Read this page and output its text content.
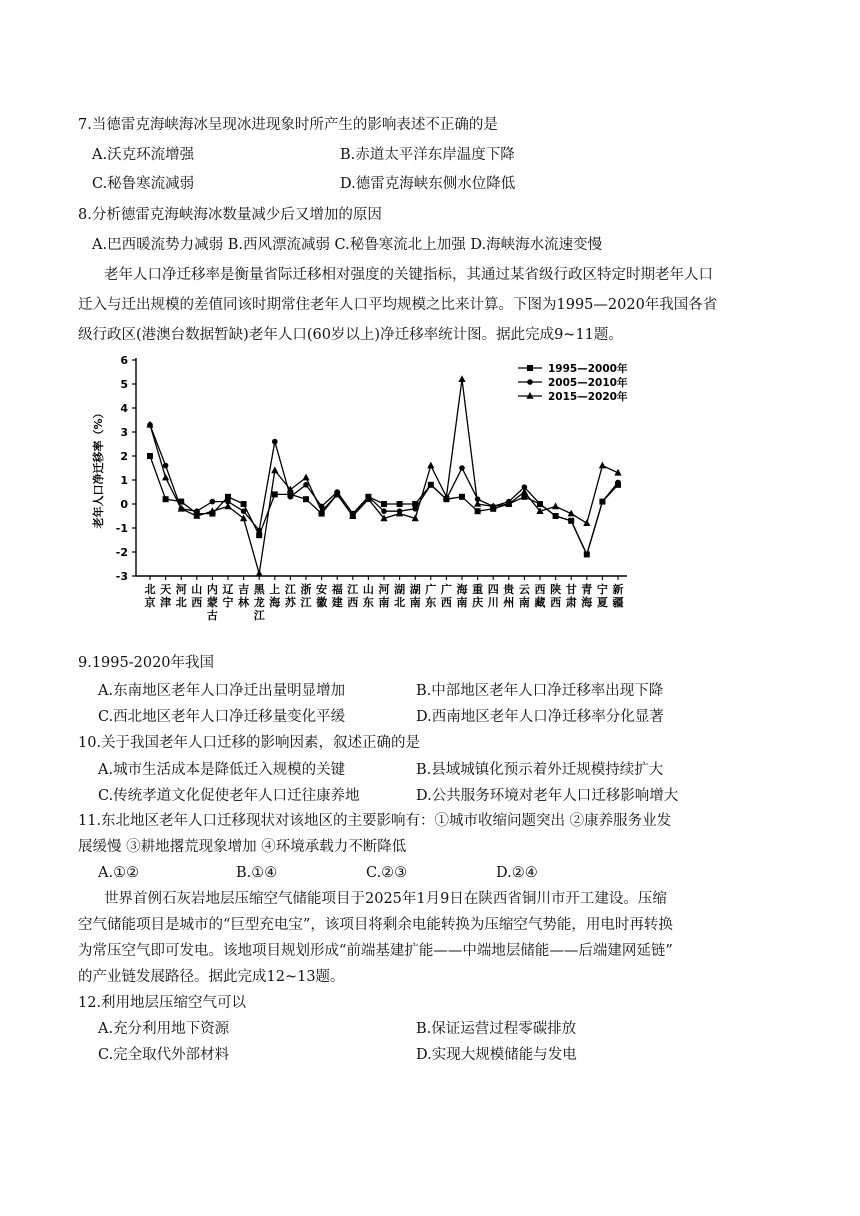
7.当德雷克海峡海冰呈现冰进现象时所产生的影响表述不正确的是
A.沃克环流增强	B.赤道太平洋东岸温度下降
C.秘鲁寒流减弱	D.德雷克海峡东侧水位降低
8.分析德雷克海峡海冰数量减少后又增加的原因
A.巴西暖流势力减弱 B.西风漂流减弱 C.秘鲁寒流北上加强 D.海峡海水流速变慢
老年人口净迁移率是衡量省际迁移相对强度的关键指标，其通过某省级行政区特定时期老年人口
迁入与迁出规模的差值同该时期常住老年人口平均规模之比来计算。下图为1995—2020年我国各省
级行政区(港澳台数据暂缺)老年人口(60岁以上)净迁移率统计图。据此完成9~11题。
6
5
4
3
2
1
0
-1
-2
-3
老年人口净迁移率（%）
北京
天津
河北
山西
内蒙古
辽宁
吉林
黑龙江
上海
江苏
浙江
安徽
福建
江西
山东
河南
湖北
湖南
广东
广西
海南
重庆
四川
贵州
云南
西藏
陕西
甘肃
青海
宁夏
新疆
1995—2000年
2005—2010年
2015—2020年
9.1995-2020年我国
A.东南地区老年人口净迁出量明显增加	B.中部地区老年人口净迁移率出现下降
C.西北地区老年人口净迁移量变化平缓	D.西南地区老年人口净迁移率分化显著
10.关于我国老年人口迁移的影响因素，叙述正确的是
A.城市生活成本是降低迁入规模的关键	B.县域城镇化预示着外迁规模持续扩大
C.传统孝道文化促使老年人口迁往康养地	D.公共服务环境对老年人口迁移影响增大
11.东北地区老年人口迁移现状对该地区的主要影响有：①城市收缩问题突出 ②康养服务业发
展缓慢 ③耕地撂荒现象增加 ④环境承载力不断降低
A.①②	B.①④	C.②③	D.②④
世界首例石灰岩地层压缩空气储能项目于2025年1月9日在陕西省铜川市开工建设。压缩
空气储能项目是城市的“巨型充电宝”，该项目将剩余电能转换为压缩空气势能，用电时再转换
为常压空气即可发电。该地项目规划形成“前端基建扩能——中端地层储能——后端建网延链”
的产业链发展路径。据此完成12~13题。
12.利用地层压缩空气可以
A.充分利用地下资源	B.保证运营过程零碳排放
C.完全取代外部材料	D.实现大规模储能与发电
